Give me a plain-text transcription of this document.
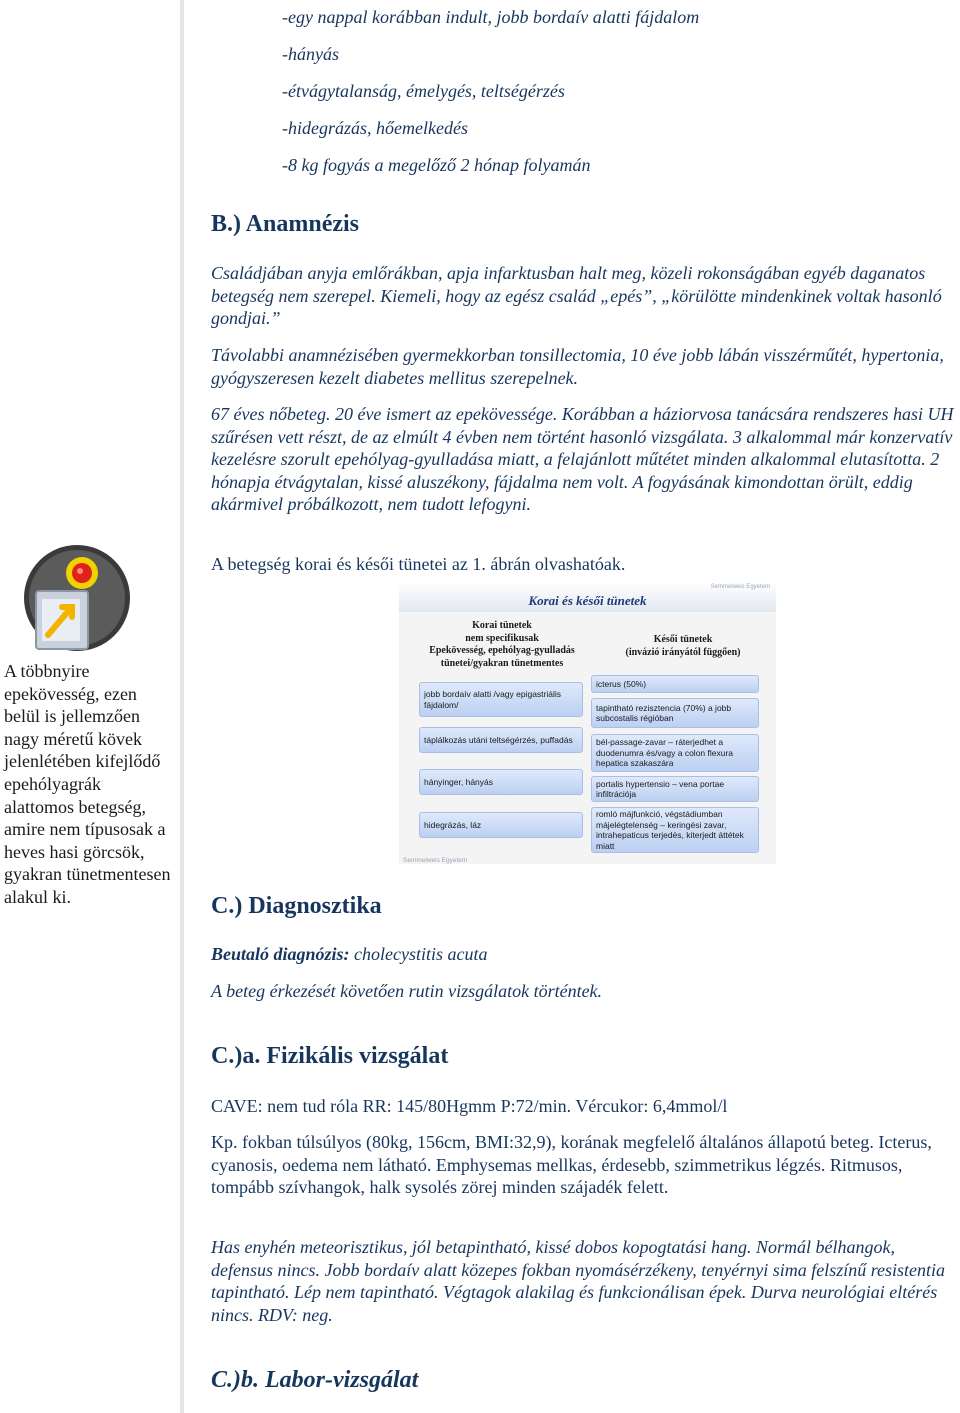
-egy nappal korábban indult, jobb bordaív alatti fájdalom

-hányás

-étvágytalanság, émelygés, teltségérzés

-hidegrázás, hőemelkedés

-8 kg fogyás a megelőző 2 hónap folyamán

B.) Anamnézis

Családjában anyja emlőrákban, apja infarktusban halt meg, közeli rokonságában egyéb daganatos betegség nem szerepel. Kiemeli, hogy az egész család „epés”, „körülötte mindenkinek voltak hasonló gondjai.”

Távolabbi anamnézisében gyermekkorban tonsillectomia, 10 éve jobb lábán visszérműtét, hypertonia, gyógyszeresen kezelt diabetes mellitus szerepelnek.

67 éves nőbeteg. 20 éve ismert az epekövessége. Korábban a háziorvosa tanácsára rendszeres hasi UH szűrésen vett részt, de az elmúlt 4 évben nem történt hasonló vizsgálata. 3 alkalommal már konzervatív kezelésre szorult epehólyag-gyulladása miatt, a felajánlott műtétet minden alkalommal elutasította. 2 hónapja étvágytalan, kissé aluszékony, fájdalma nem volt. A fogyásának kimondottan örült, eddig akármivel próbálkozott, nem tudott lefogyni.

A betegség korai és késői tünetei az 1. ábrán olvashatóak.

A többnyire epekövesség, ezen belül is jellemzően nagy méretű kövek jelenlétében kifejlődő epehólyagrák alattomos betegség, amire nem típusosak a heves hasi görcsök, gyakran tünetmentesen alakul ki.

Semmelweis Egyetem
Korai és késői tünetek
Korai tünetek
nem specifikusak
Epekövesség, epehólyag-gyulladás
tünetei/gyakran tünetmentes
Késői tünetek
(invázió irányától függően)
jobb bordaív alatti /vagy epigastriális fájdalom/
táplálkozás utáni teltségérzés, puffadás
hányinger, hányás
hidegrázás, láz
icterus (50%)
tapintható rezisztencia (70%) a jobb subcostalis régióban
bél-passage-zavar – ráterjedhet a duodenumra és/vagy a colon flexura hepatica szakaszára
portalis hypertensio – vena portae infiltrációja
romló májfunkció, végstádiumban májelégtelenség – keringési zavar, intrahepaticus terjedés, kiterjedt áttétek miatt
Semmelweis Egyetem
C.) Diagnosztika

Beutaló diagnózis: cholecystitis acuta

A beteg érkezését követően rutin vizsgálatok történtek.

C.)a. Fizikális vizsgálat

CAVE: nem tud róla RR: 145/80Hgmm P:72/min. Vércukor: 6,4mmol/l

Kp. fokban túlsúlyos (80kg, 156cm, BMI:32,9), korának megfelelő általános állapotú beteg. Icterus, cyanosis, oedema nem látható. Emphysemas mellkas, érdesebb, szimmetrikus légzés. Ritmusos, tompább szívhangok, halk sysolés zörej minden szájadék felett.

Has enyhén meteorisztikus, jól betapintható, kissé dobos kopogtatási hang. Normál bélhangok, defensus nincs. Jobb bordaív alatt közepes fokban nyomásérzékeny, tenyérnyi sima felszínű resistentia tapintható. Lép nem tapintható. Végtagok alakilag és funkcionálisan épek. Durva neurológiai eltérés nincs. RDV: neg.

C.)b. Labor-vizsgálat
